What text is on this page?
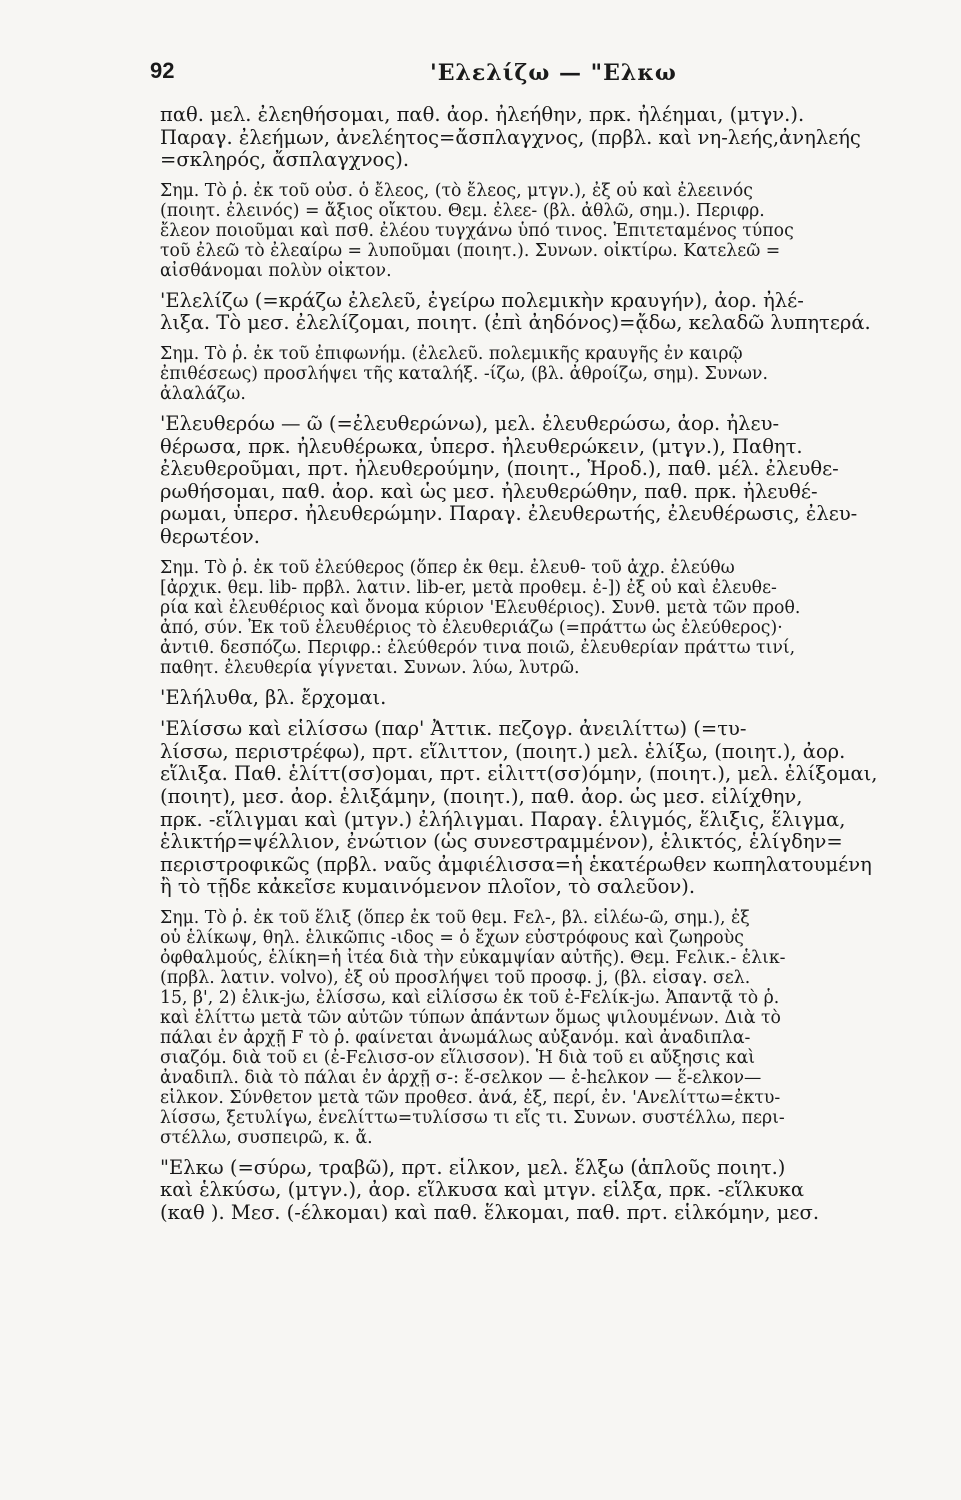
92	'Ελελίζω — "Ελκω
παθ. μελ. ἐλεηθήσομαι, παθ. ἀορ. ἠλεήθην, πρκ. ἠλέημαι, (μτγν.).
Παραγ. ἐλεήμων, ἀνελέητος=ἄσπλαγχνος, (πρβλ. καὶ νη-λεής,ἀνηλεής
=σκληρός, ἄσπλαγχνος).
Σημ. Τὸ ῥ. ἐκ τοῦ οὐσ. ὁ ἔλεος, (τὸ ἔλεος, μτγν.), ἐξ οὗ καὶ ἐλεεινός
(ποιητ. ἐλεινός) = ἄξιος οἴκτου. Θεμ. ἐλεε- (βλ. ἀθλῶ, σημ.). Περιφρ.
ἔλεον ποιοῦμαι καὶ πσθ. ἐλέου τυγχάνω ὑπό τινος. Ἐπιτεταμένος τύπος
τοῦ ἐλεῶ τὸ ἐλεαίρω = λυποῦμαι (ποιητ.). Συνων. οἰκτίρω. Κατελεῶ =
αἰσθάνομαι πολὺν οἶκτον.
'Ελελίζω (=κράζω ἐλελεῦ, ἐγείρω πολεμικὴν κραυγήν), ἀορ. ἠλέ-
λιξα. Τὸ μεσ. ἐλελίζομαι, ποιητ. (ἐπὶ ἀηδόνος)=ᾄδω, κελαδῶ λυπητερά.
Σημ. Τὸ ῥ. ἐκ τοῦ ἐπιφωνήμ. (ἐλελεῦ. πολεμικῆς κραυγῆς ἐν καιρῷ
ἐπιθέσεως) προσλήψει τῆς καταλήξ. -ίζω, (βλ. ἀθροίζω, σημ). Συνων.
ἀλαλάζω.
'Ελευθερόω — ῶ (=ἐλευθερώνω), μελ. ἐλευθερώσω, ἀορ. ἠλευ-
θέρωσα, πρκ. ἠλευθέρωκα, ὑπερσ. ἠλευθερώκειν, (μτγν.), Παθητ.
ἐλευθεροῦμαι, πρτ. ἠλευθερούμην, (ποιητ., Ἡροδ.), παθ. μέλ. ἐλευθε-
ρωθήσομαι, παθ. ἀορ. καὶ ὡς μεσ. ἠλευθερώθην, παθ. πρκ. ἠλευθέ-
ρωμαι, ὑπερσ. ἠλευθερώμην. Παραγ. ἐλευθερωτής, ἐλευθέρωσις, ἐλευ-
θερωτέον.
Σημ. Τὸ ῥ. ἐκ τοῦ ἐλεύθερος (ὅπερ ἐκ θεμ. ἐλευθ- τοῦ ἀχρ. ἐλεύθω
[ἀρχικ. θεμ. lib- πρβλ. λατιν. lib-er, μετὰ προθεμ. ἐ-]) ἐξ οὗ καὶ ἐλευθε-
ρία καὶ ἐλευθέριος καὶ ὄνομα κύριον 'Ελευθέριος). Συνθ. μετὰ τῶν προθ.
ἀπό, σύν. Ἐκ τοῦ ἐλευθέριος τὸ ἐλευθεριάζω (=πράττω ὡς ἐλεύθερος)·
ἀντιθ. δεσπόζω. Περιφρ.: ἐλεύθερόν τινα ποιῶ, ἐλευθερίαν πράττω τινί,
παθητ. ἐλευθερία γίγνεται. Συνων. λύω, λυτρῶ.
'Ελήλυθα, βλ. ἔρχομαι.
'Ελίσσω καὶ εἱλίσσω (παρ' Ἀττικ. πεζογρ. ἀνειλίττω) (=τυ-
λίσσω, περιστρέφω), πρτ. εἵλιττον, (ποιητ.) μελ. ἑλίξω, (ποιητ.), ἀορ.
εἵλιξα. Παθ. ἑλίττ(σσ)ομαι, πρτ. εἱλιττ(σσ)όμην, (ποιητ.), μελ. ἑλίξομαι,
(ποιητ), μεσ. ἀορ. ἑλιξάμην, (ποιητ.), παθ. ἀορ. ὡς μεσ. εἱλίχθην,
πρκ. -εἵλιγμαι καὶ (μτγν.) ἐλήλιγμαι. Παραγ. ἑλιγμός, ἕλιξις, ἕλιγμα,
ἑλικτήρ=ψέλλιον, ἐνώτιον (ὡς συνεστραμμένον), ἑλικτός, ἑλίγδην=
περιστροφικῶς (πρβλ. ναῦς ἀμφιέλισσα=ἡ ἑκατέρωθεν κωπηλατουμένη
ἢ τὸ τῇδε κἀκεῖσε κυμαινόμενον πλοῖον, τὸ σαλεῦον).
Σημ. Τὸ ῥ. ἐκ τοῦ ἕλιξ (ὅπερ ἐκ τοῦ θεμ. Fελ-, βλ. εἰλέω-ῶ, σημ.), ἐξ
οὗ ἑλίκωψ, θηλ. ἑλικῶπις -ιδος = ὁ ἔχων εὐστρόφους καὶ ζωηροὺς
ὀφθαλμούς, ἑλίκη=ἡ ἰτέα διὰ τὴν εὐκαμψίαν αὐτῆς). Θεμ. Fελικ.- ἑλικ-
(πρβλ. λατιν. volvo), ἐξ οὗ προσλήψει τοῦ προσφ. j, (βλ. εἰσαγ. σελ.
15, β', 2) ἑλικ-jω, ἑλίσσω, καὶ εἱλίσσω ἐκ τοῦ ἐ-Fελίκ-jω. Ἀπαντᾷ τὸ ῥ.
καὶ ἑλίττω μετὰ τῶν αὐτῶν τύπων ἁπάντων ὅμως ψιλουμένων. Διὰ τὸ
πάλαι ἐν ἀρχῇ F τὸ ῥ. φαίνεται ἀνωμάλως αὐξανόμ. καὶ ἀναδιπλα-
σιαζόμ. διὰ τοῦ ει (ἐ-Fελισσ-ον εἵλισσον). Ἡ διὰ τοῦ ει αὔξησις καὶ
ἀναδιπλ. διὰ τὸ πάλαι ἐν ἀρχῇ σ-: ἕ-σελκον — ἐ-hελκον — ἕ-ελκον—
εἷλκον. Σύνθετον μετὰ τῶν προθεσ. ἀνά, ἐξ, περί, ἐν. 'Ανελίττω=ἐκτυ-
λίσσω, ξετυλίγω, ἐνελίττω=τυλίσσω τι εἴς τι. Συνων. συστέλλω, περι-
στέλλω, συσπειρῶ, κ. ἄ.
"Ελκω (=σύρω, τραβῶ), πρτ. εἷλκον, μελ. ἕλξω (ἁπλοῦς ποιητ.)
καὶ ἑλκύσω, (μτγν.), ἀορ. εἵλκυσα καὶ μτγν. εἷλξα, πρκ. -εἵλκυκα
(καθ ). Μεσ. (-έλκομαι) καὶ παθ. ἕλκομαι, παθ. πρτ. εἱλκόμην, μεσ.
